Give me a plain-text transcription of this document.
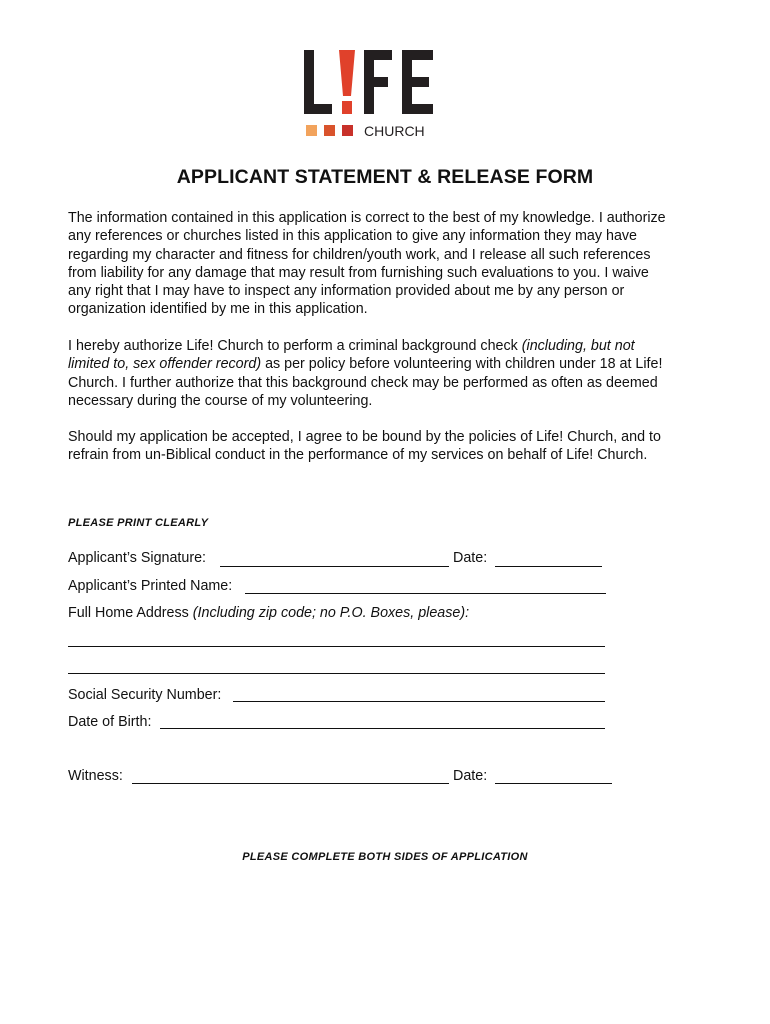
CHURCH
APPLICANT STATEMENT & RELEASE FORM

The information contained in this application is correct to the best of my knowledge. I authorize any references or churches listed in this application to give any information they may have regarding my character and fitness for children/youth work, and I release all such references from liability for any damage that may result from furnishing such evaluations to you. I waive any right that I may have to inspect any information provided about me by any person or organization identified by me in this application.

I hereby authorize Life! Church to perform a criminal background check (including, but not limited to, sex offender record) as per policy before volunteering with children under 18 at Life! Church. I further authorize that this background check may be performed as often as deemed necessary during the course of my volunteering.

Should my application be accepted, I agree to be bound by the policies of Life! Church, and to refrain from un-Biblical conduct in the performance of my services on behalf of Life! Church.

PLEASE PRINT CLEARLY
Applicant’s Signature:	Date:
Applicant’s Printed Name:
Full Home Address (Including zip code; no P.O. Boxes, please):
Social Security Number:
Date of Birth:
Witness:	Date:
PLEASE COMPLETE BOTH SIDES OF APPLICATION
